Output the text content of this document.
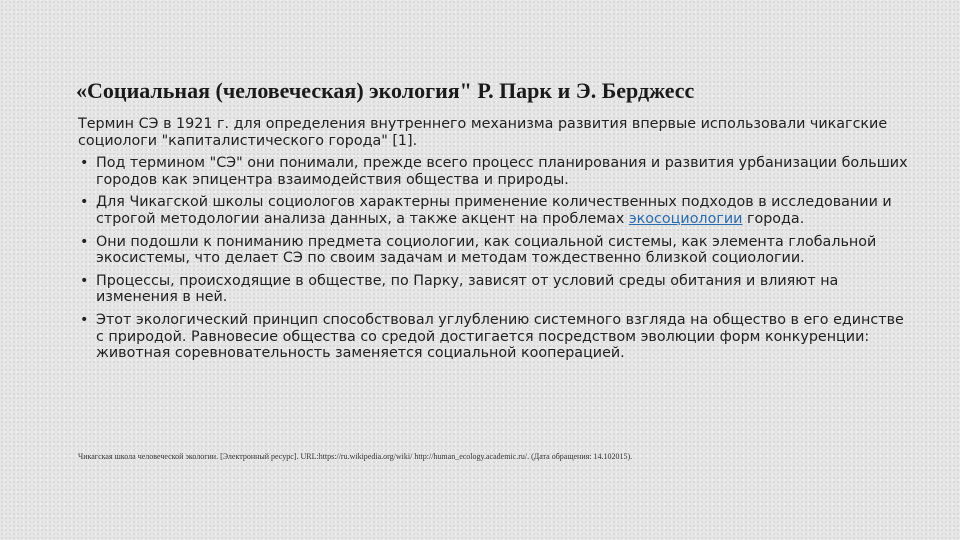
«Социальная (человеческая) экология" Р. Парк и Э. Берджесс
Термин СЭ в 1921 г. для определения внутреннего механизма развития впервые использовали чикагские социологи "капиталистического города" [1].
• Под термином "СЭ" они понимали, прежде всего процесс планирования и развития урбанизации больших городов как эпицентра взаимодействия общества и природы.
• Для Чикагской школы социологов характерны применение количественных подходов в исследовании и строгой методологии анализа данных, а также акцент на проблемах экосоциологии города.
• Они подошли к пониманию предмета социологии, как социальной системы, как элемента глобальной экосистемы, что делает СЭ по своим задачам и методам тождественно близкой социологии.
• Процессы, происходящие в обществе, по Парку, зависят от условий среды обитания и влияют на изменения в ней.
• Этот экологический принцип способствовал углублению системного взгляда на общество в его единстве с природой. Равновесие общества со средой достигается посредством эволюции форм конкуренции: животная соревновательность заменяется социальной кооперацией.
Чикагская школа человеческой экологии. [Электронный ресурс]. URL:https://ru.wikipedia.org/wiki/ http://human_ecology.academic.ru/. (Дата обращения: 14.102015).
